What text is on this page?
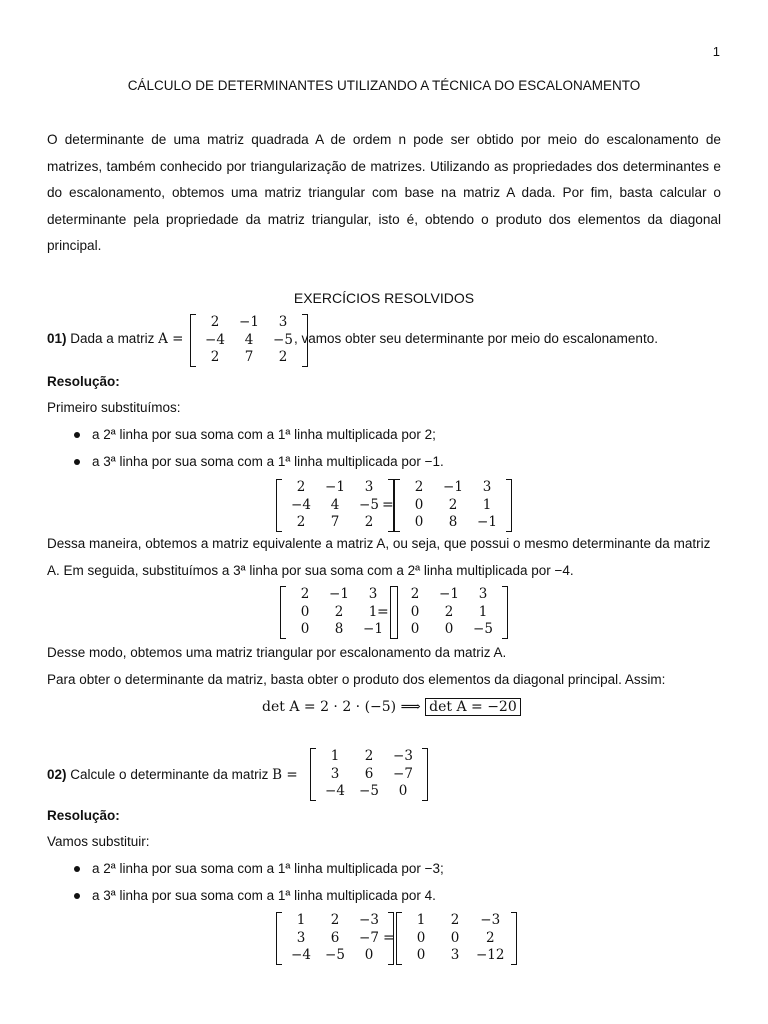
1
CÁLCULO DE DETERMINANTES UTILIZANDO A TÉCNICA DO ESCALONAMENTO
O determinante de uma matriz quadrada A de ordem n pode ser obtido por meio do escalonamento de matrizes, também conhecido por triangularização de matrizes. Utilizando as propriedades dos determinantes e do escalonamento, obtemos uma matriz triangular com base na matriz A dada. Por fim, basta calcular o determinante pela propriedade da matriz triangular, isto é, obtendo o produto dos elementos da diagonal principal.
EXERCÍCIOS RESOLVIDOS
01) Dada a matriz A =
2	−1	3
−4	4	−5
2	7	2
, vamos obter seu determinante por meio do escalonamento.
Resolução:
Primeiro substituímos:
a 2ª linha por sua soma com a 1ª linha multiplicada por 2;
a 3ª linha por sua soma com a 1ª linha multiplicada por −1.
2	−1	3
−4	4	−5
2	7	2
=
2	−1	3
0	2	1
0	8	−1
Dessa maneira, obtemos a matriz equivalente a matriz A, ou seja, que possui o mesmo determinante da matriz
A. Em seguida, substituímos a 3ª linha por sua soma com a 2ª linha multiplicada por −4.
2	−1	3
0	2	1
0	8	−1
=
2	−1	3
0	2	1
0	0	−5
Desse modo, obtemos uma matriz triangular por escalonamento da matriz A.
Para obter o determinante da matriz, basta obter o produto dos elementos da diagonal principal. Assim:
det A = 2 · 2 · (−5) ⟹ det A = −20
02) Calcule o determinante da matriz B =
1	2	−3
3	6	−7
−4	−5	0
Resolução:
Vamos substituir:
a 2ª linha por sua soma com a 1ª linha multiplicada por −3;
a 3ª linha por sua soma com a 1ª linha multiplicada por 4.
1	2	−3
3	6	−7
−4	−5	0
=
1	2	−3
0	0	2
0	3	−12
